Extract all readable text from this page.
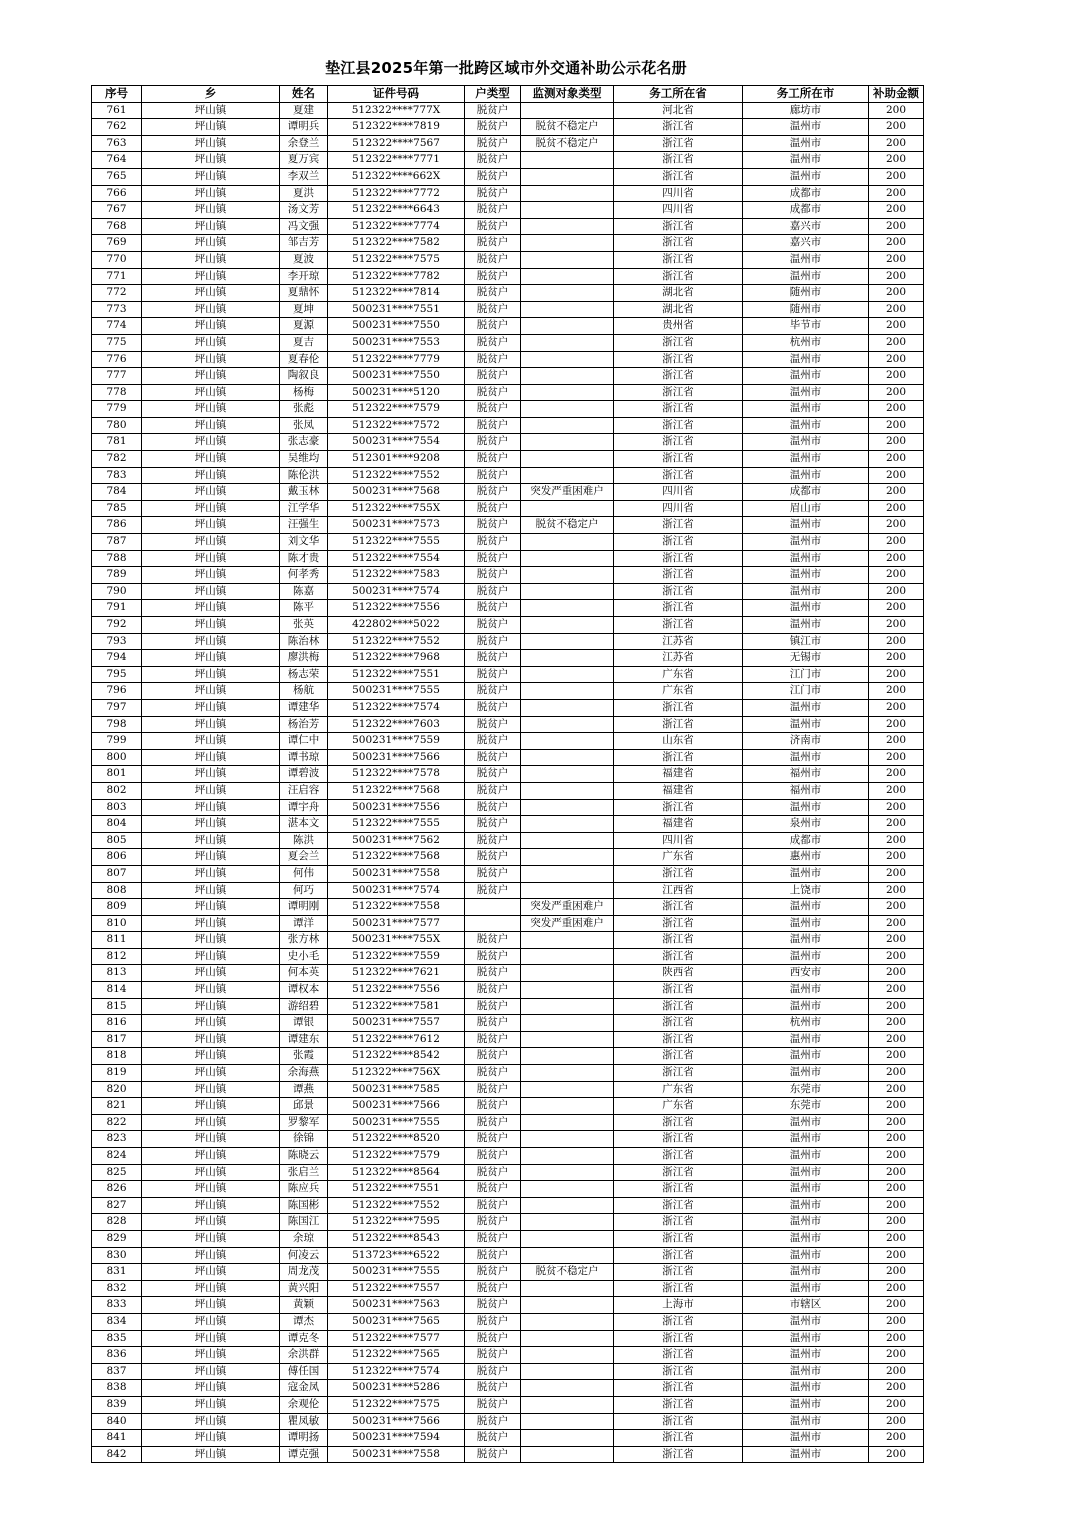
垫江县2025年第一批跨区域市外交通补助公示花名册
序号	乡	姓名	证件号码	户类型	监测对象类型	务工所在省	务工所在市	补助金额
761	坪山镇	夏建	512322****777X	脱贫户		河北省	廊坊市	200
762	坪山镇	谭明兵	512322****7819	脱贫户	脱贫不稳定户	浙江省	温州市	200
763	坪山镇	余登兰	512322****7567	脱贫户	脱贫不稳定户	浙江省	温州市	200
764	坪山镇	夏万宾	512322****7771	脱贫户		浙江省	温州市	200
765	坪山镇	李双兰	512322****662X	脱贫户		浙江省	温州市	200
766	坪山镇	夏洪	512322****7772	脱贫户		四川省	成都市	200
767	坪山镇	汤文芳	512322****6643	脱贫户		四川省	成都市	200
768	坪山镇	冯文强	512322****7774	脱贫户		浙江省	嘉兴市	200
769	坪山镇	邹吉芳	512322****7582	脱贫户		浙江省	嘉兴市	200
770	坪山镇	夏波	512322****7575	脱贫户		浙江省	温州市	200
771	坪山镇	李开琼	512322****7782	脱贫户		浙江省	温州市	200
772	坪山镇	夏鼎怀	512322****7814	脱贫户		湖北省	随州市	200
773	坪山镇	夏坤	500231****7551	脱贫户		湖北省	随州市	200
774	坪山镇	夏源	500231****7550	脱贫户		贵州省	毕节市	200
775	坪山镇	夏吉	500231****7553	脱贫户		浙江省	杭州市	200
776	坪山镇	夏春伦	512322****7779	脱贫户		浙江省	温州市	200
777	坪山镇	陶叙良	500231****7550	脱贫户		浙江省	温州市	200
778	坪山镇	杨梅	500231****5120	脱贫户		浙江省	温州市	200
779	坪山镇	张彪	512322****7579	脱贫户		浙江省	温州市	200
780	坪山镇	张凤	512322****7572	脱贫户		浙江省	温州市	200
781	坪山镇	张志豪	500231****7554	脱贫户		浙江省	温州市	200
782	坪山镇	吴维均	512301****9208	脱贫户		浙江省	温州市	200
783	坪山镇	陈伦洪	512322****7552	脱贫户		浙江省	温州市	200
784	坪山镇	戴玉林	500231****7568	脱贫户	突发严重困难户	四川省	成都市	200
785	坪山镇	江学华	512322****755X	脱贫户		四川省	眉山市	200
786	坪山镇	汪强生	500231****7573	脱贫户	脱贫不稳定户	浙江省	温州市	200
787	坪山镇	刘文华	512322****7555	脱贫户		浙江省	温州市	200
788	坪山镇	陈才贵	512322****7554	脱贫户		浙江省	温州市	200
789	坪山镇	何孝秀	512322****7583	脱贫户		浙江省	温州市	200
790	坪山镇	陈嘉	500231****7574	脱贫户		浙江省	温州市	200
791	坪山镇	陈平	512322****7556	脱贫户		浙江省	温州市	200
792	坪山镇	张英	422802****5022	脱贫户		浙江省	温州市	200
793	坪山镇	陈治林	512322****7552	脱贫户		江苏省	镇江市	200
794	坪山镇	廖洪梅	512322****7968	脱贫户		江苏省	无锡市	200
795	坪山镇	杨志荣	512322****7551	脱贫户		广东省	江门市	200
796	坪山镇	杨航	500231****7555	脱贫户		广东省	江门市	200
797	坪山镇	谭建华	512322****7574	脱贫户		浙江省	温州市	200
798	坪山镇	杨治芳	512322****7603	脱贫户		浙江省	温州市	200
799	坪山镇	谭仁中	500231****7559	脱贫户		山东省	济南市	200
800	坪山镇	谭书琼	500231****7566	脱贫户		浙江省	温州市	200
801	坪山镇	谭碧波	512322****7578	脱贫户		福建省	福州市	200
802	坪山镇	汪启容	512322****7568	脱贫户		福建省	福州市	200
803	坪山镇	谭宇舟	500231****7556	脱贫户		浙江省	温州市	200
804	坪山镇	湛本文	512322****7555	脱贫户		福建省	泉州市	200
805	坪山镇	陈洪	500231****7562	脱贫户		四川省	成都市	200
806	坪山镇	夏会兰	512322****7568	脱贫户		广东省	惠州市	200
807	坪山镇	何伟	500231****7558	脱贫户		浙江省	温州市	200
808	坪山镇	何巧	500231****7574	脱贫户		江西省	上饶市	200
809	坪山镇	谭明刚	512322****7558		突发严重困难户	浙江省	温州市	200
810	坪山镇	谭洋	500231****7577		突发严重困难户	浙江省	温州市	200
811	坪山镇	张方林	500231****755X	脱贫户		浙江省	温州市	200
812	坪山镇	史小毛	512322****7559	脱贫户		浙江省	温州市	200
813	坪山镇	何本英	512322****7621	脱贫户		陕西省	西安市	200
814	坪山镇	谭权本	512322****7556	脱贫户		浙江省	温州市	200
815	坪山镇	游绍碧	512322****7581	脱贫户		浙江省	温州市	200
816	坪山镇	谭银	500231****7557	脱贫户		浙江省	杭州市	200
817	坪山镇	谭建东	512322****7612	脱贫户		浙江省	温州市	200
818	坪山镇	张霞	512322****8542	脱贫户		浙江省	温州市	200
819	坪山镇	余海燕	512322****756X	脱贫户		浙江省	温州市	200
820	坪山镇	谭燕	500231****7585	脱贫户		广东省	东莞市	200
821	坪山镇	邱景	500231****7566	脱贫户		广东省	东莞市	200
822	坪山镇	罗黎军	500231****7555	脱贫户		浙江省	温州市	200
823	坪山镇	徐锦	512322****8520	脱贫户		浙江省	温州市	200
824	坪山镇	陈晓云	512322****7579	脱贫户		浙江省	温州市	200
825	坪山镇	张启兰	512322****8564	脱贫户		浙江省	温州市	200
826	坪山镇	陈应兵	512322****7551	脱贫户		浙江省	温州市	200
827	坪山镇	陈国彬	512322****7552	脱贫户		浙江省	温州市	200
828	坪山镇	陈国江	512322****7595	脱贫户		浙江省	温州市	200
829	坪山镇	余琼	512322****8543	脱贫户		浙江省	温州市	200
830	坪山镇	何凌云	513723****6522	脱贫户		浙江省	温州市	200
831	坪山镇	周龙茂	500231****7555	脱贫户	脱贫不稳定户	浙江省	温州市	200
832	坪山镇	黄兴阳	512322****7557	脱贫户		浙江省	温州市	200
833	坪山镇	黄颖	500231****7563	脱贫户		上海市	市辖区	200
834	坪山镇	谭杰	500231****7565	脱贫户		浙江省	温州市	200
835	坪山镇	谭克冬	512322****7577	脱贫户		浙江省	温州市	200
836	坪山镇	余洪群	512322****7565	脱贫户		浙江省	温州市	200
837	坪山镇	傅任国	512322****7574	脱贫户		浙江省	温州市	200
838	坪山镇	寇金凤	500231****5286	脱贫户		浙江省	温州市	200
839	坪山镇	余观伦	512322****7575	脱贫户		浙江省	温州市	200
840	坪山镇	瞿凤敏	500231****7566	脱贫户		浙江省	温州市	200
841	坪山镇	谭明扬	500231****7594	脱贫户		浙江省	温州市	200
842	坪山镇	谭克强	500231****7558	脱贫户		浙江省	温州市	200
